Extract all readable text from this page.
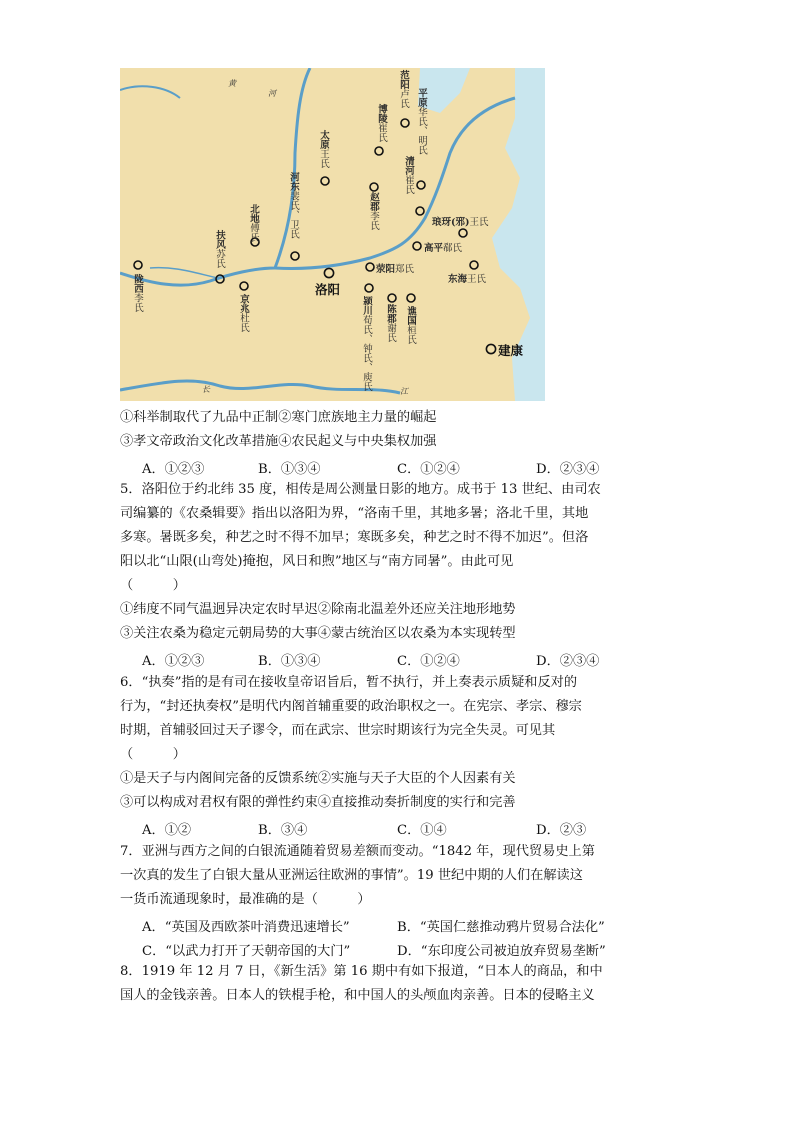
黄
河
长	江
范阳卢氏 平原华氏、明氏
博陵崔氏
清河崔氏
太原王氏
河东裴氏、卫氏	赵郡李氏
北地傅氏
扶风苏氏
陇西李氏	京兆杜氏
荥阳郑氏
琅玡(邪)王氏
高平郗氏
东海王氏
颍川荀氏、钟氏、庾氏
陈郡谢氏
谯国桓氏
洛阳
建康
①科举制取代了九品中正制②寒门庶族地主力量的崛起
③孝文帝政治文化改革措施④农民起义与中央集权加强
A．①②③	B．①③④	C．①②④	D．②③④
5．洛阳位于约北纬 35 度，相传是周公测量日影的地方。成书于 13 世纪、由司农
司编纂的《农桑辑要》指出以洛阳为界，“洛南千里，其地多暑；洛北千里，其地
多寒。暑既多矣，种艺之时不得不加早；寒既多矣，种艺之时不得不加迟”。但洛
阳以北“山限(山弯处)掩抱，风日和煦”地区与“南方同暑”。由此可见
（　　　）
①纬度不同气温迥异决定农时早迟②除南北温差外还应关注地形地势
③关注农桑为稳定元朝局势的大事④蒙古统治区以农桑为本实现转型
A．①②③	B．①③④	C．①②④	D．②③④
6．“执奏”指的是有司在接收皇帝诏旨后，暂不执行，并上奏表示质疑和反对的
行为，“封还执奏权”是明代内阁首辅重要的政治职权之一。在宪宗、孝宗、穆宗
时期，首辅驳回过天子谬令，而在武宗、世宗时期该行为完全失灵。可见其
（　　　）
①是天子与内阁间完备的反馈系统②实施与天子大臣的个人因素有关
③可以构成对君权有限的弹性约束④直接推动奏折制度的实行和完善
A．①②	B．③④	C．①④	D．②③
7．亚洲与西方之间的白银流通随着贸易差额而变动。“1842 年，现代贸易史上第
一次真的发生了白银大量从亚洲运往欧洲的事情”。19 世纪中期的人们在解读这
一货币流通现象时，最准确的是（　　　）
A．“英国及西欧茶叶消费迅速增长”	B．“英国仁慈推动鸦片贸易合法化”
C．“以武力打开了天朝帝国的大门”	D．“东印度公司被迫放弃贸易垄断”
8．1919 年 12 月 7 日，《新生活》第 16 期中有如下报道，“日本人的商品，和中
国人的金钱亲善。日本人的铁棍手枪，和中国人的头颅血肉亲善。日本的侵略主义
